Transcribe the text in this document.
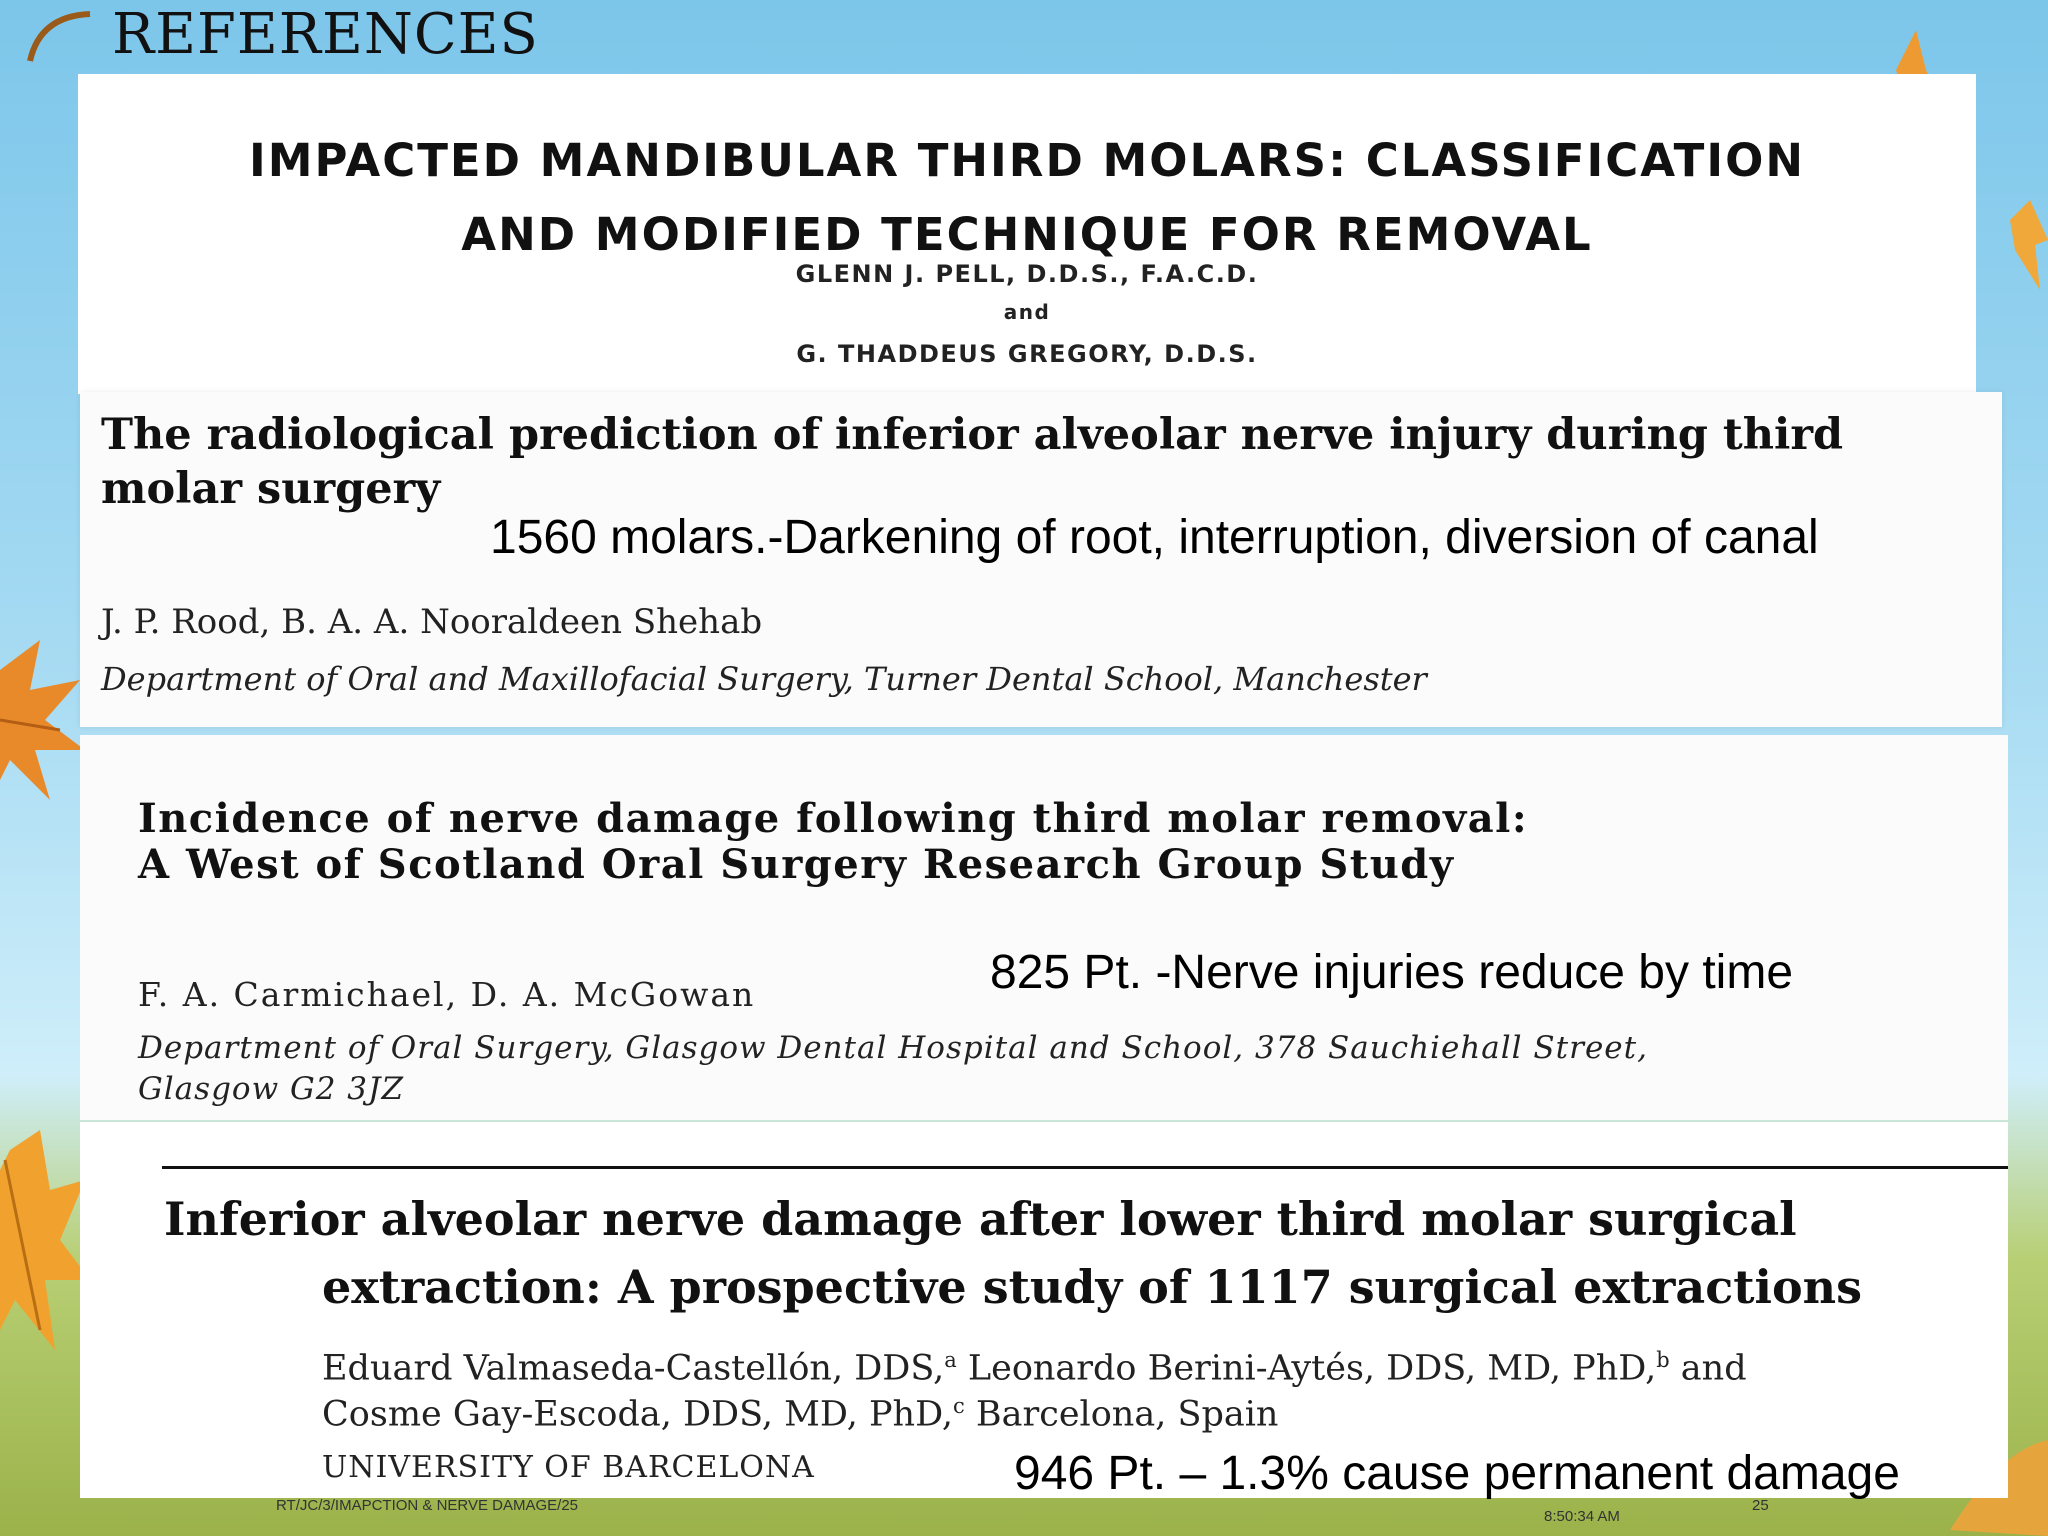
REFERENCES
IMPACTED MANDIBULAR THIRD MOLARS: CLASSIFICATION
AND MODIFIED TECHNIQUE FOR REMOVAL
GLENN J. PELL, D.D.S., F.A.C.D.
and
G. THADDEUS GREGORY, D.D.S.
The radiological prediction of inferior alveolar nerve injury during third
molar surgery
1560 molars.-Darkening of root, interruption, diversion of canal
J. P. Rood, B. A. A. Nooraldeen Shehab
Department of Oral and Maxillofacial Surgery, Turner Dental School, Manchester
Incidence of nerve damage following third molar removal:
A West of Scotland Oral Surgery Research Group Study
825 Pt. -Nerve injuries reduce by time
F. A. Carmichael, D. A. McGowan
Department of Oral Surgery, Glasgow Dental Hospital and School, 378 Sauchiehall Street,
Glasgow G2 3JZ
Inferior alveolar nerve damage after lower third molar surgical
extraction: A prospective study of 1117 surgical extractions
Eduard Valmaseda-Castellón, DDS,$^a$ Leonardo Berini-Aytés, DDS, MD, PhD,$^b$ and
Cosme Gay-Escoda, DDS, MD, PhD,$^c$ Barcelona, Spain
UNIVERSITY OF BARCELONA	946 Pt. – 1.3% cause permanent damage
RT/JC/3/IMAPCTION & NERVE DAMAGE/25
8:50:34 AM
25
